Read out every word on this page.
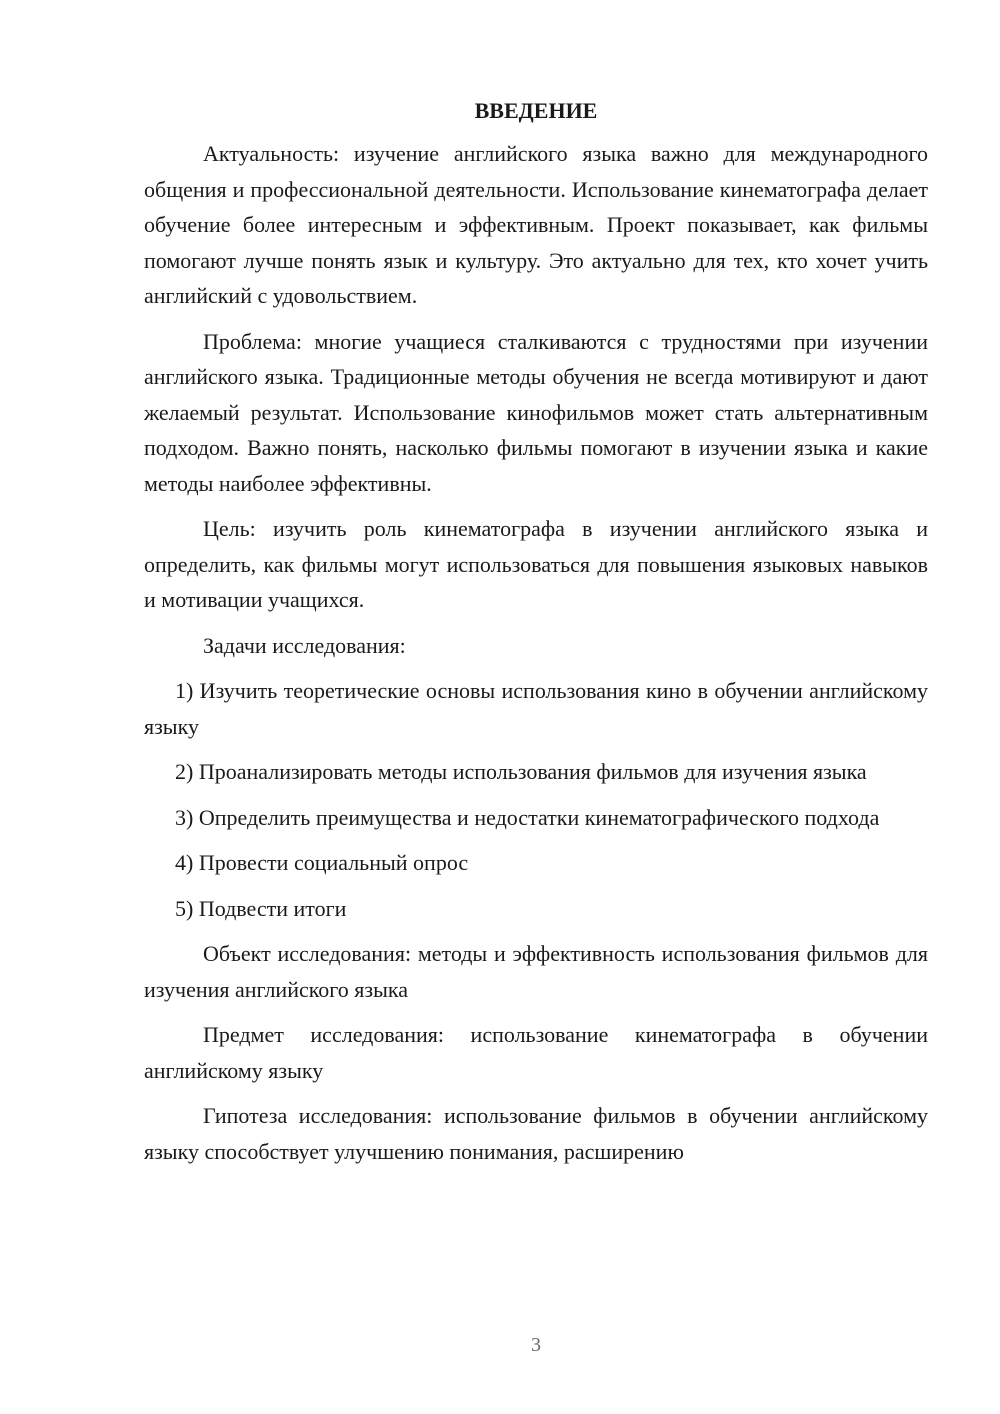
ВВЕДЕНИЕ

Актуальность: изучение английского языка важно для международного общения и профессиональной деятельности. Использование кинематографа делает обучение более интересным и эффективным. Проект показывает, как фильмы помогают лучше понять язык и культуру. Это актуально для тех, кто хочет учить английский с удовольствием.

Проблема: многие учащиеся сталкиваются с трудностями при изучении английского языка. Традиционные методы обучения не всегда мотивируют и дают желаемый результат. Использование кинофильмов может стать альтернативным подходом. Важно понять, насколько фильмы помогают в изучении языка и какие методы наиболее эффективны.

Цель: изучить роль кинематографа в изучении английского языка и определить, как фильмы могут использоваться для повышения языковых навыков и мотивации учащихся.

Задачи исследования:

1) Изучить теоретические основы использования кино в обучении английскому языку

2) Проанализировать методы использования фильмов для изучения языка

3) Определить преимущества и недостатки кинематографического подхода

4) Провести социальный опрос

5) Подвести итоги

Объект исследования: методы и эффективность использования фильмов для изучения английского языка

Предмет исследования: использование кинематографа в обучении английскому языку

Гипотеза исследования: использование фильмов в обучении английскому языку способствует улучшению понимания, расширению

3
